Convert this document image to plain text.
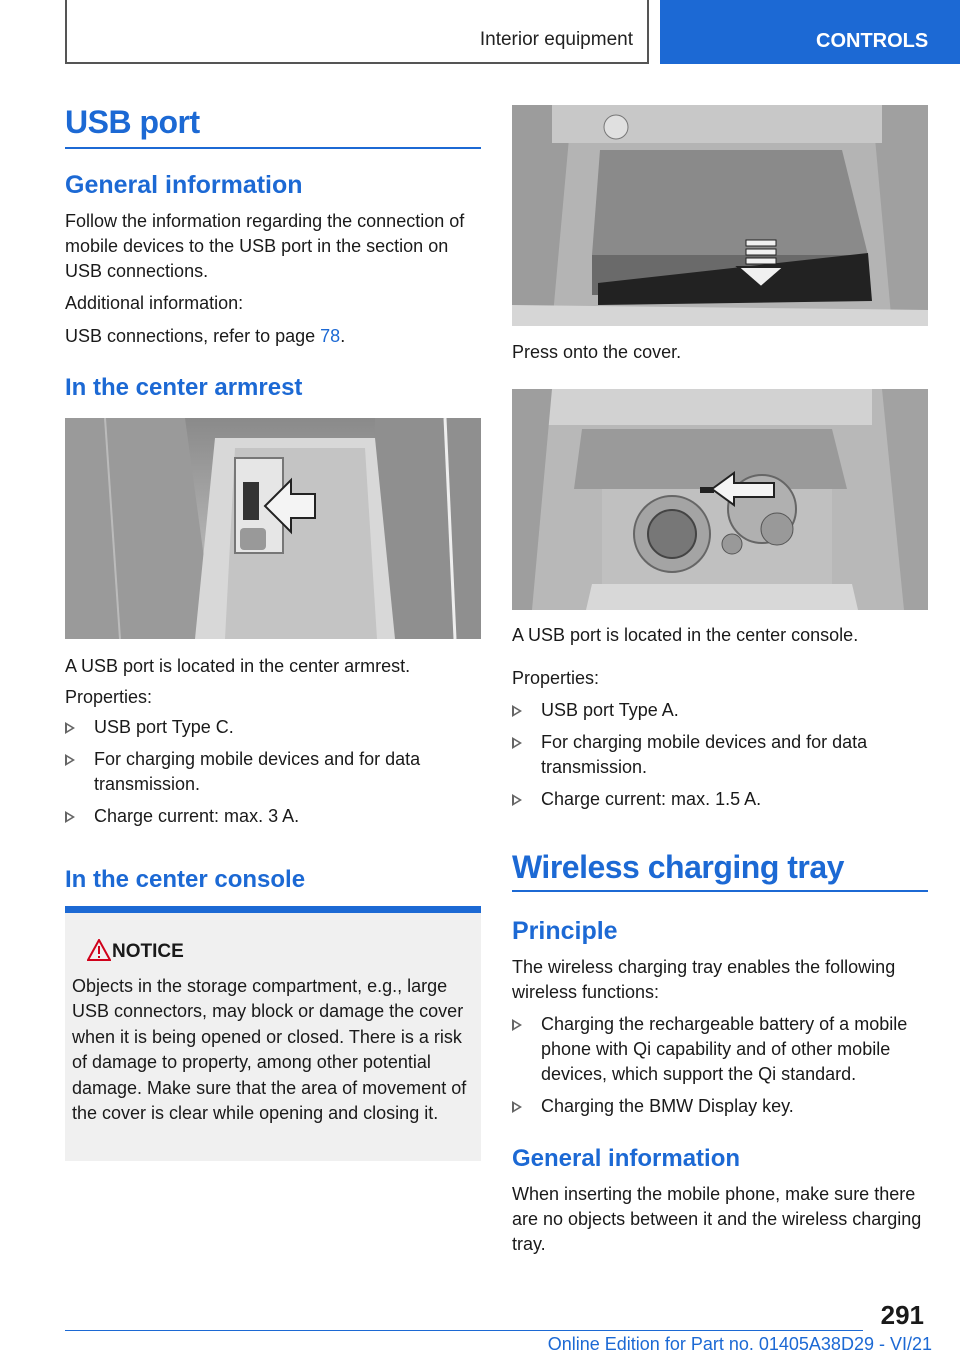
Interior equipment	CONTROLS
USB port
General information
Follow the information regarding the connection of mobile devices to the USB port in the section on USB connections.
Additional information:
USB connections, refer to page 78.
In the center armrest
A USB port is located in the center armrest.
Properties:
USB port Type C.
For charging mobile devices and for data transmission.
Charge current: max. 3 A.
In the center console
NOTICE
Objects in the storage compartment, e.g., large USB connectors, may block or damage the cover when it is being opened or closed. There is a risk of damage to property, among other potential damage. Make sure that the area of movement of the cover is clear while opening and closing it.
Press onto the cover.
A USB port is located in the center console.
Properties:
USB port Type A.
For charging mobile devices and for data transmission.
Charge current: max. 1.5 A.
Wireless charging tray
Principle
The wireless charging tray enables the following wireless functions:
Charging the rechargeable battery of a mobile phone with Qi capability and of other mobile devices, which support the Qi standard.
Charging the BMW Display key.
General information
When inserting the mobile phone, make sure there are no objects between it and the wireless charging tray.
291
Online Edition for Part no. 01405A38D29 - VI/21
